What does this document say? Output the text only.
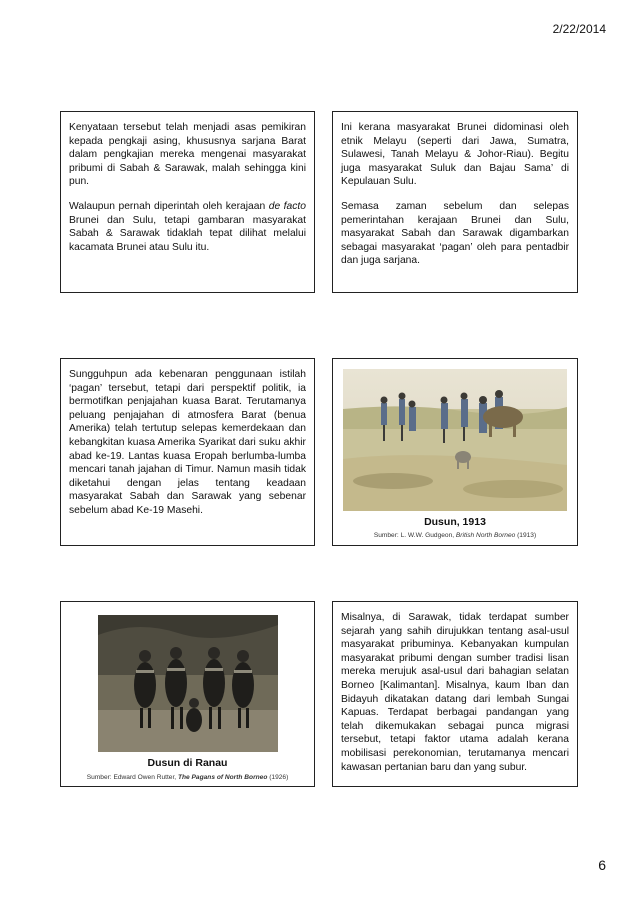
2/22/2014

Kenyataan tersebut telah menjadi asas pemikiran kepada pengkaji asing, khususnya sarjana Barat dalam pengkajian mereka mengenai masyarakat pribumi di Sabah & Sarawak, malah sehingga kini pun.

Walaupun pernah diperintah oleh kerajaan de facto Brunei dan Sulu, tetapi gambaran masyarakat Sabah & Sarawak tidaklah tepat dilihat melalui kacamata Brunei atau Sulu itu.

Ini kerana masyarakat Brunei didominasi oleh etnik Melayu (seperti dari Jawa, Sumatra, Sulawesi, Tanah Melayu & Johor-Riau). Begitu juga masyarakat Suluk dan Bajau Sama’ di Kepulauan Sulu.

Semasa zaman sebelum dan selepas pemerintahan kerajaan Brunei dan Sulu, masyarakat Sabah dan Sarawak digambarkan sebagai masyarakat ‘pagan’ oleh para pentadbir dan juga sarjana.

Sungguhpun ada kebenaran penggunaan istilah ‘pagan’ tersebut, tetapi dari perspektif politik, ia bermotifkan penjajahan kuasa Barat. Terutamanya peluang penjajahan di atmosfera Barat (benua Amerika) telah tertutup selepas kemerdekaan dan kebangkitan kuasa Amerika Syarikat dari suku akhir abad ke-19. Lantas kuasa Eropah berlumba-lumba mencari tanah jajahan di Timur. Namun masih tidak diketahui dengan jelas tentang keadaan masyarakat Sabah dan Sarawak yang sebenar sebelum abad Ke-19 Masehi.

Dusun, 1913
Sumber: L. W.W. Gudgeon, British North Borneo (1913)
Dusun di Ranau
Sumber: Edward Owen Rutter, The Pagans of North Borneo (1926)

Misalnya, di Sarawak, tidak terdapat sumber sejarah yang sahih dirujukkan tentang asal-usul masyarakat pribuminya. Kebanyakan kumpulan masyarakat pribumi dengan sumber tradisi lisan mereka merujuk asal-usul dari bahagian selatan Borneo [Kalimantan]. Misalnya, kaum Iban dan Bidayuh dikatakan datang dari lembah Sungai Kapuas. Terdapat berbagai pandangan yang telah dikemukakan sebagai punca migrasi tersebut, tetapi faktor utama adalah kerana mobilisasi perekonomian, terutamanya mencari kawasan pertanian baru dan yang subur.

6
